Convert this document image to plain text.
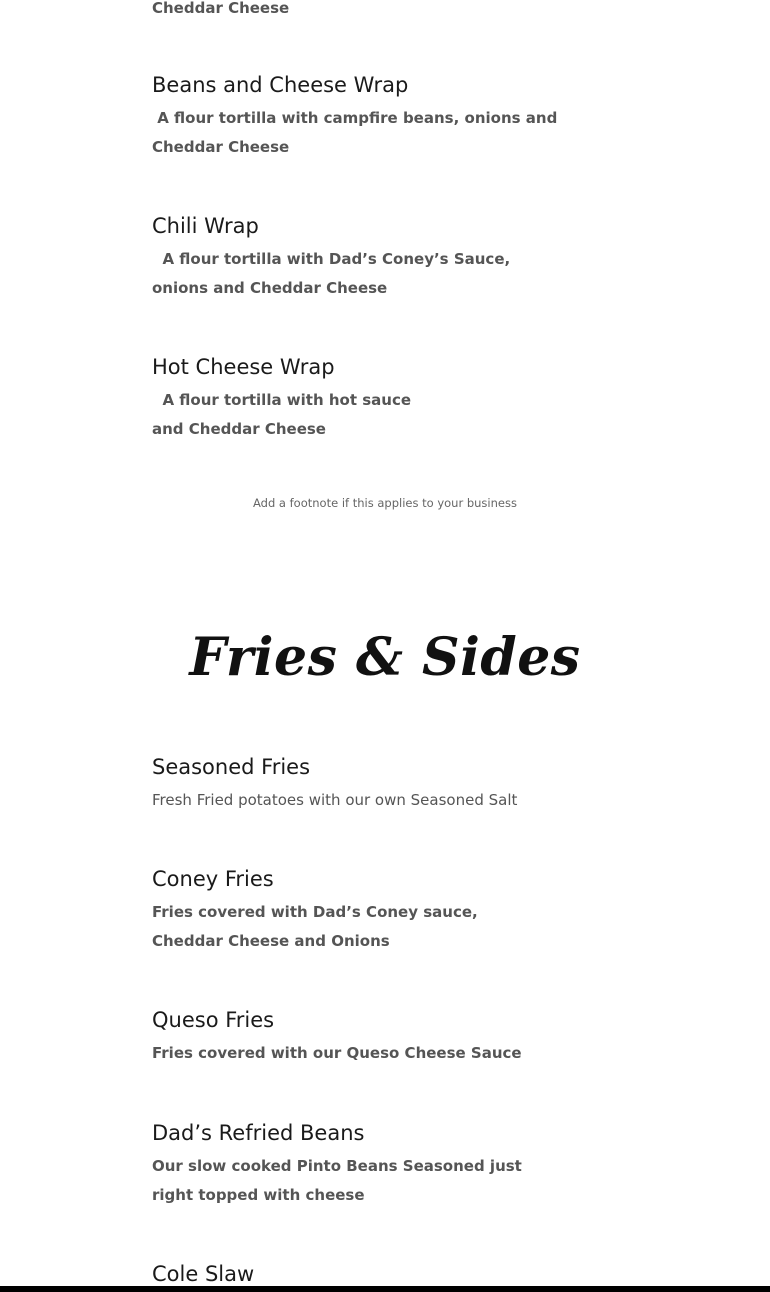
Cheddar Cheese
Beans and Cheese Wrap

A flour tortilla with campfire beans, onions and
Cheddar Cheese

Chili Wrap

A flour tortilla with Dad’s Coney’s Sauce,
onions and Cheddar Cheese

Hot Cheese Wrap

A flour tortilla with hot sauce
and Cheddar Cheese

Add a footnote if this applies to your business
Fries & Sides
Seasoned Fries

Fresh Fried potatoes with our own Seasoned Salt

Coney Fries

Fries covered with Dad’s Coney sauce,
Cheddar Cheese and Onions

Queso Fries

Fries covered with our Queso Cheese Sauce

Dad’s Refried Beans

Our slow cooked Pinto Beans Seasoned just
right topped with cheese

Cole Slaw
